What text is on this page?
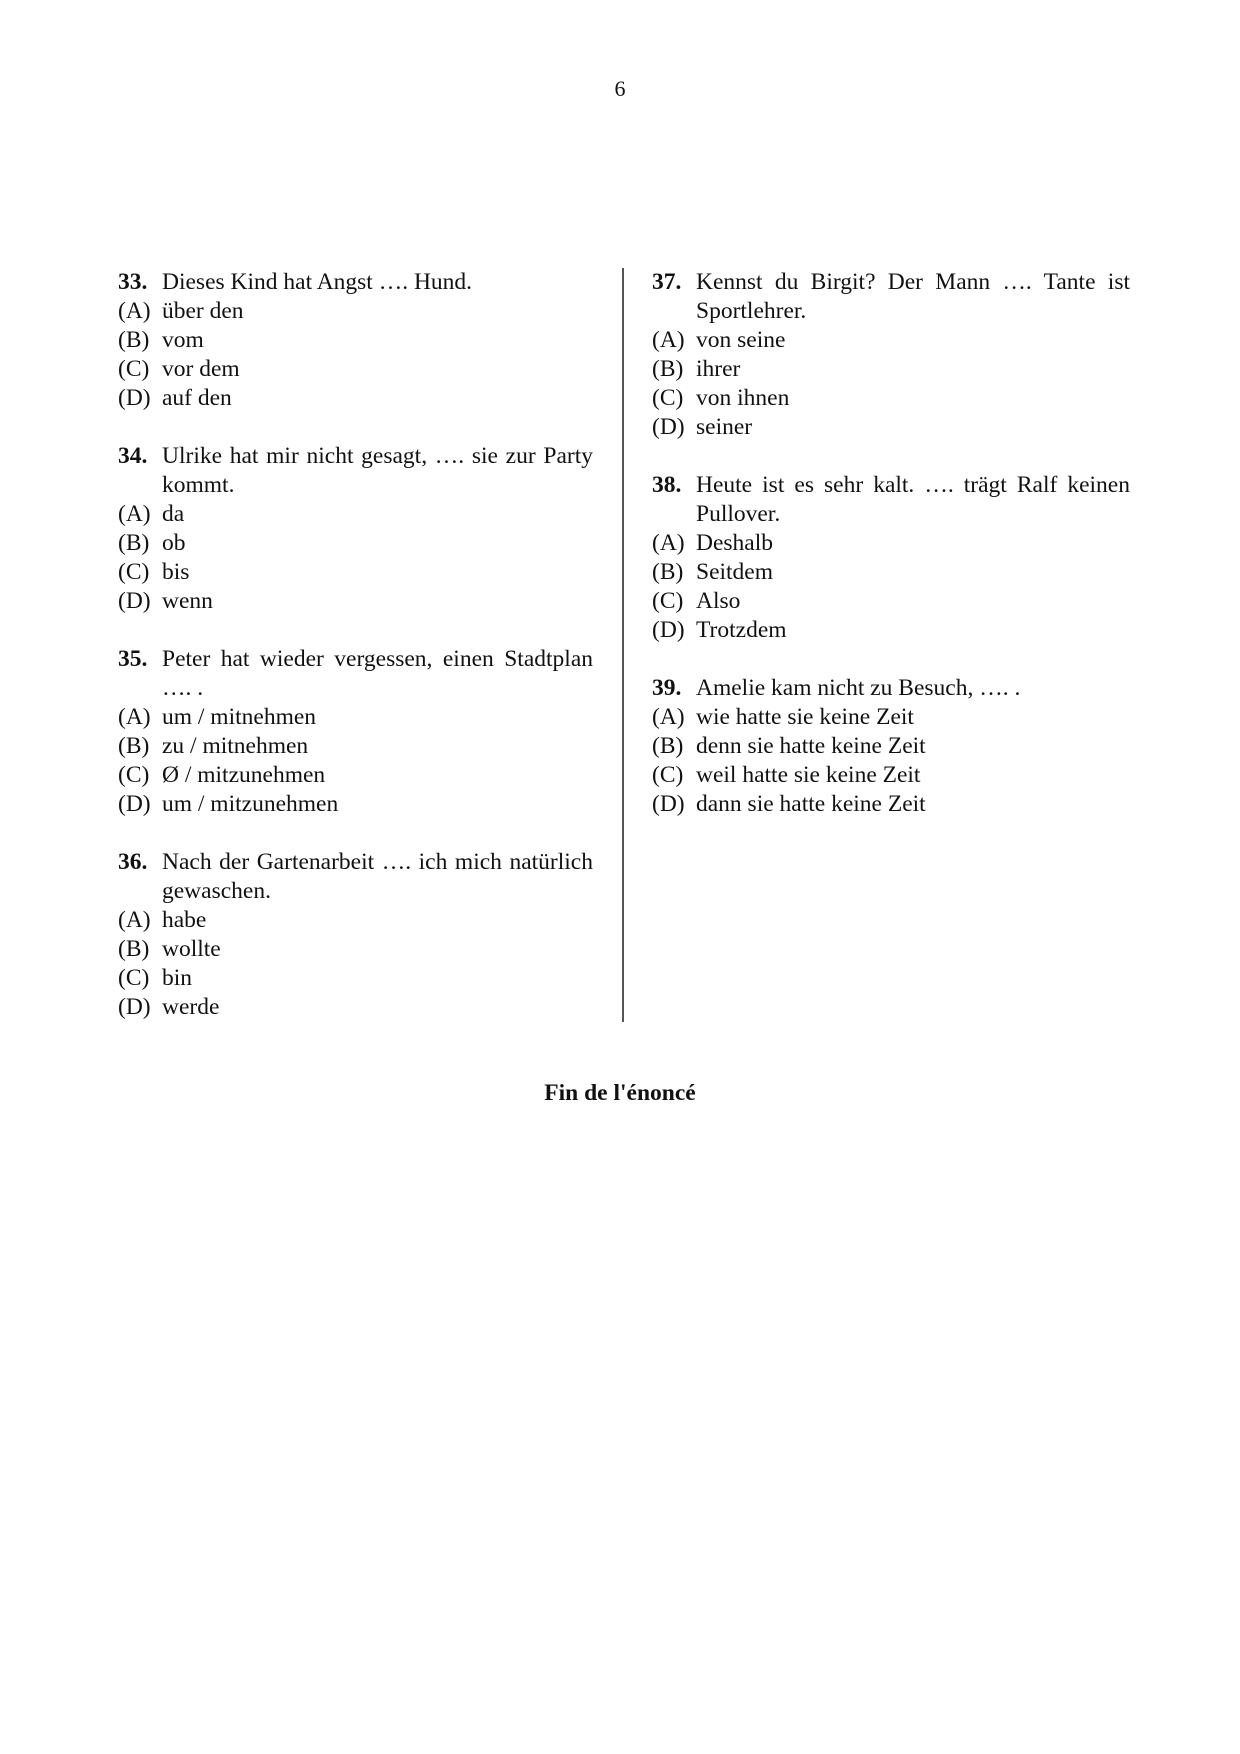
6
33. Dieses Kind hat Angst …. Hund.
(A) über den
(B) vom
(C) vor dem
(D) auf den
34. Ulrike hat mir nicht gesagt, …. sie zur Party kommt.
(A) da
(B) ob
(C) bis
(D) wenn
35. Peter hat wieder vergessen, einen Stadtplan …. .
(A) um / mitnehmen
(B) zu / mitnehmen
(C) Ø / mitzunehmen
(D) um / mitzunehmen
36. Nach der Gartenarbeit …. ich mich natürlich gewaschen.
(A) habe
(B) wollte
(C) bin
(D) werde
37. Kennst du Birgit? Der Mann …. Tante ist Sportlehrer.
(A) von seine
(B) ihrer
(C) von ihnen
(D) seiner
38. Heute ist es sehr kalt. …. trägt Ralf keinen Pullover.
(A) Deshalb
(B) Seitdem
(C) Also
(D) Trotzdem
39. Amelie kam nicht zu Besuch, …. .
(A) wie hatte sie keine Zeit
(B) denn sie hatte keine Zeit
(C) weil hatte sie keine Zeit
(D) dann sie hatte keine Zeit
Fin de l'énoncé
